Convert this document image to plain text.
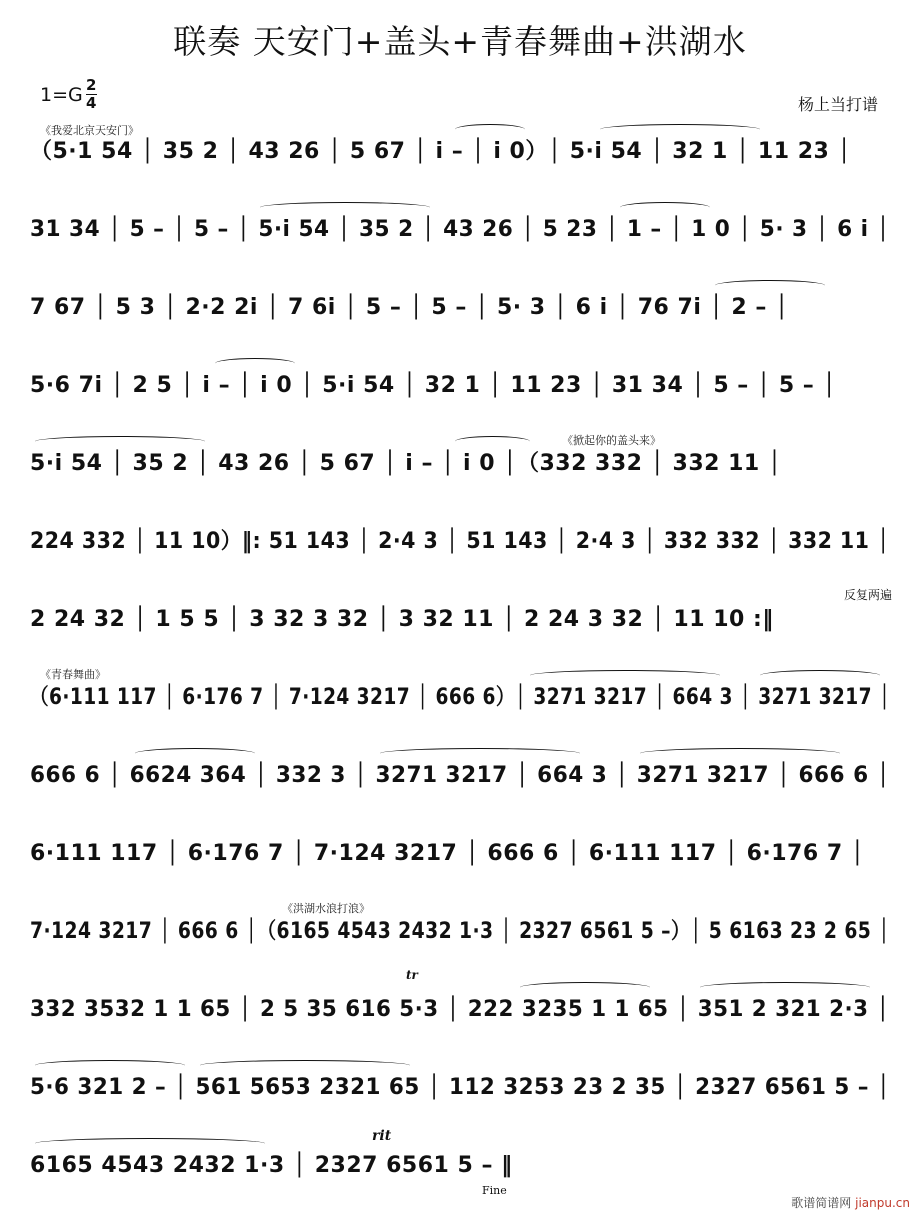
联奏 天安门+盖头+青春舞曲+洪湖水
1=G 2
4	杨上当打谱
《我爱北京天安门》
《掀起你的盖头来》
《青春舞曲》
《洪湖水浪打浪》
（5·1 54 │ 35 2 │ 43 26 │ 5 67 │ i – │ i 0）│ 5·i 54 │ 32 1 │ 11 23 │
31 34 │ 5 – │ 5 – │ 5·i 54 │ 35 2 │ 43 26 │ 5 23 │ 1 – │ 1 0 │ 5· 3 │ 6 i │
7 67 │ 5 3 │ 2·2 2i │ 7 6i │ 5 – │ 5 – │ 5· 3 │ 6 i │ 76 7i │ 2 – │
5·6 7i │ 2 5 │ i – │ i 0 │ 5·i 54 │ 32 1 │ 11 23 │ 31 34 │ 5 – │ 5 – │
5·i 54 │ 35 2 │ 43 26 │ 5 67 │ i – │ i 0 │（332 332 │ 332 11 │
224 332 │ 11 10）‖: 51 143 │ 2·4 3 │ 51 143 │ 2·4 3 │ 332 332 │ 332 11 │
2 24 32 │ 1 5 5 │ 3 32 3 32 │ 3 32 11 │ 2 24 3 32 │ 11 10 :‖
（6·111 117 │ 6·176 7 │ 7·124 3217 │ 666 6）│ 3271 3217 │ 664 3 │ 3271 3217 │
666 6 │ 6624 364 │ 332 3 │ 3271 3217 │ 664 3 │ 3271 3217 │ 666 6 │
6·111 117 │ 6·176 7 │ 7·124 3217 │ 666 6 │ 6·111 117 │ 6·176 7 │
7·124 3217 │ 666 6 │（6165 4543 2432 1·3 │ 2327 6561 5 –）│ 5 6163 23 2 65 │
332 3532 1 1 65 │ 2 5 35 616 5·3 │ 222 3235 1 1 65 │ 351 2 321 2·3 │
5·6 321 2 – │ 561 5653 2321 65 │ 112 3253 23 2 35 │ 2327 6561 5 – │
6165 4543 2432 1·3 │ 2327 6561 5 – ‖
反复两遍
tr
rit
Fine
歌谱简谱网 jianpu.cn
